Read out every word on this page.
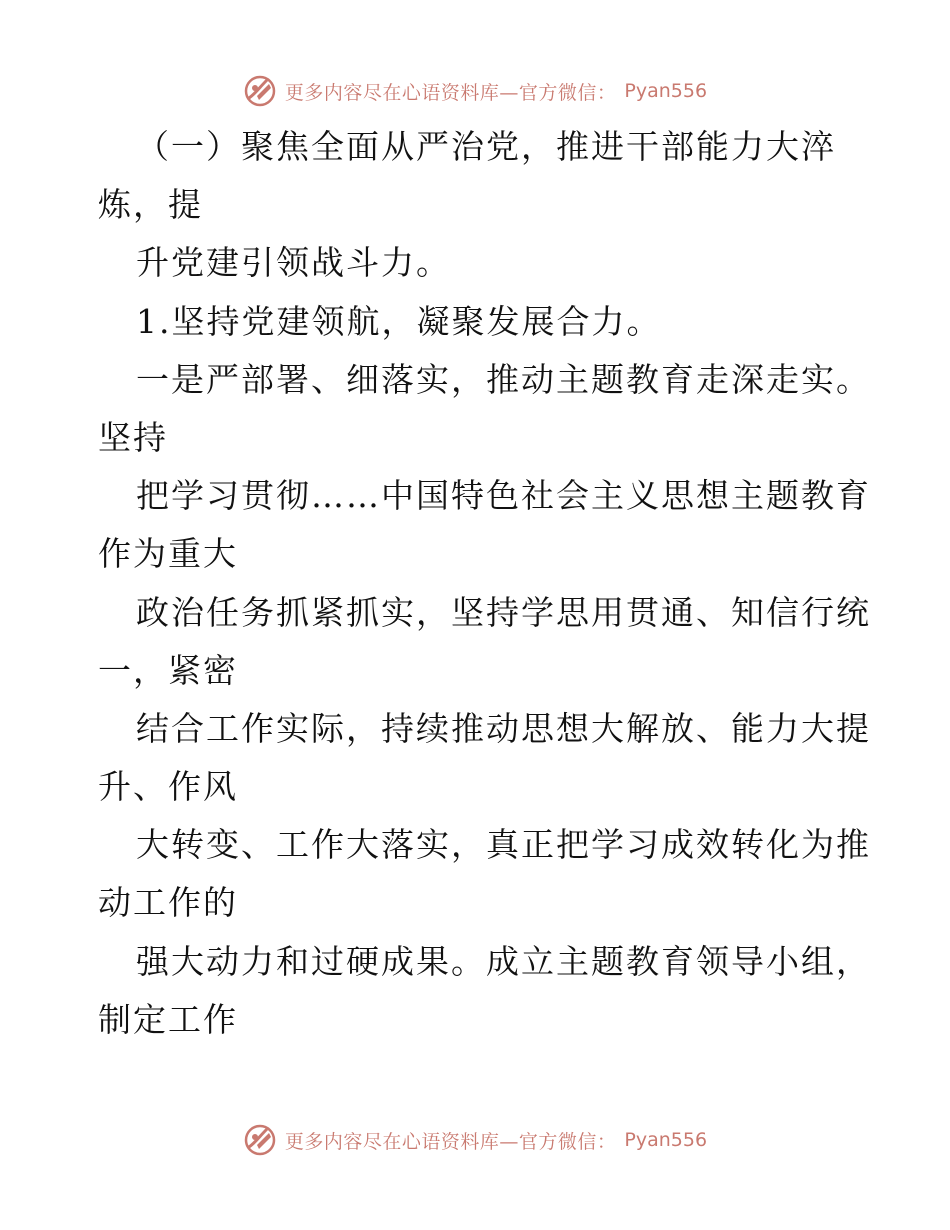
更多内容尽在心语资料库—官方微信： Pyan556
（一）聚焦全面从严治党，推进干部能力大淬
炼，提
升党建引领战斗力。
1.坚持党建领航，凝聚发展合力。
一是严部署、细落实，推动主题教育走深走实。
坚持
把学习贯彻……中国特色社会主义思想主题教育
作为重大
政治任务抓紧抓实，坚持学思用贯通、知信行统
一，紧密
结合工作实际，持续推动思想大解放、能力大提
升、作风
大转变、工作大落实，真正把学习成效转化为推
动工作的
强大动力和过硬成果。成立主题教育领导小组，
制定工作
更多内容尽在心语资料库—官方微信： Pyan556
